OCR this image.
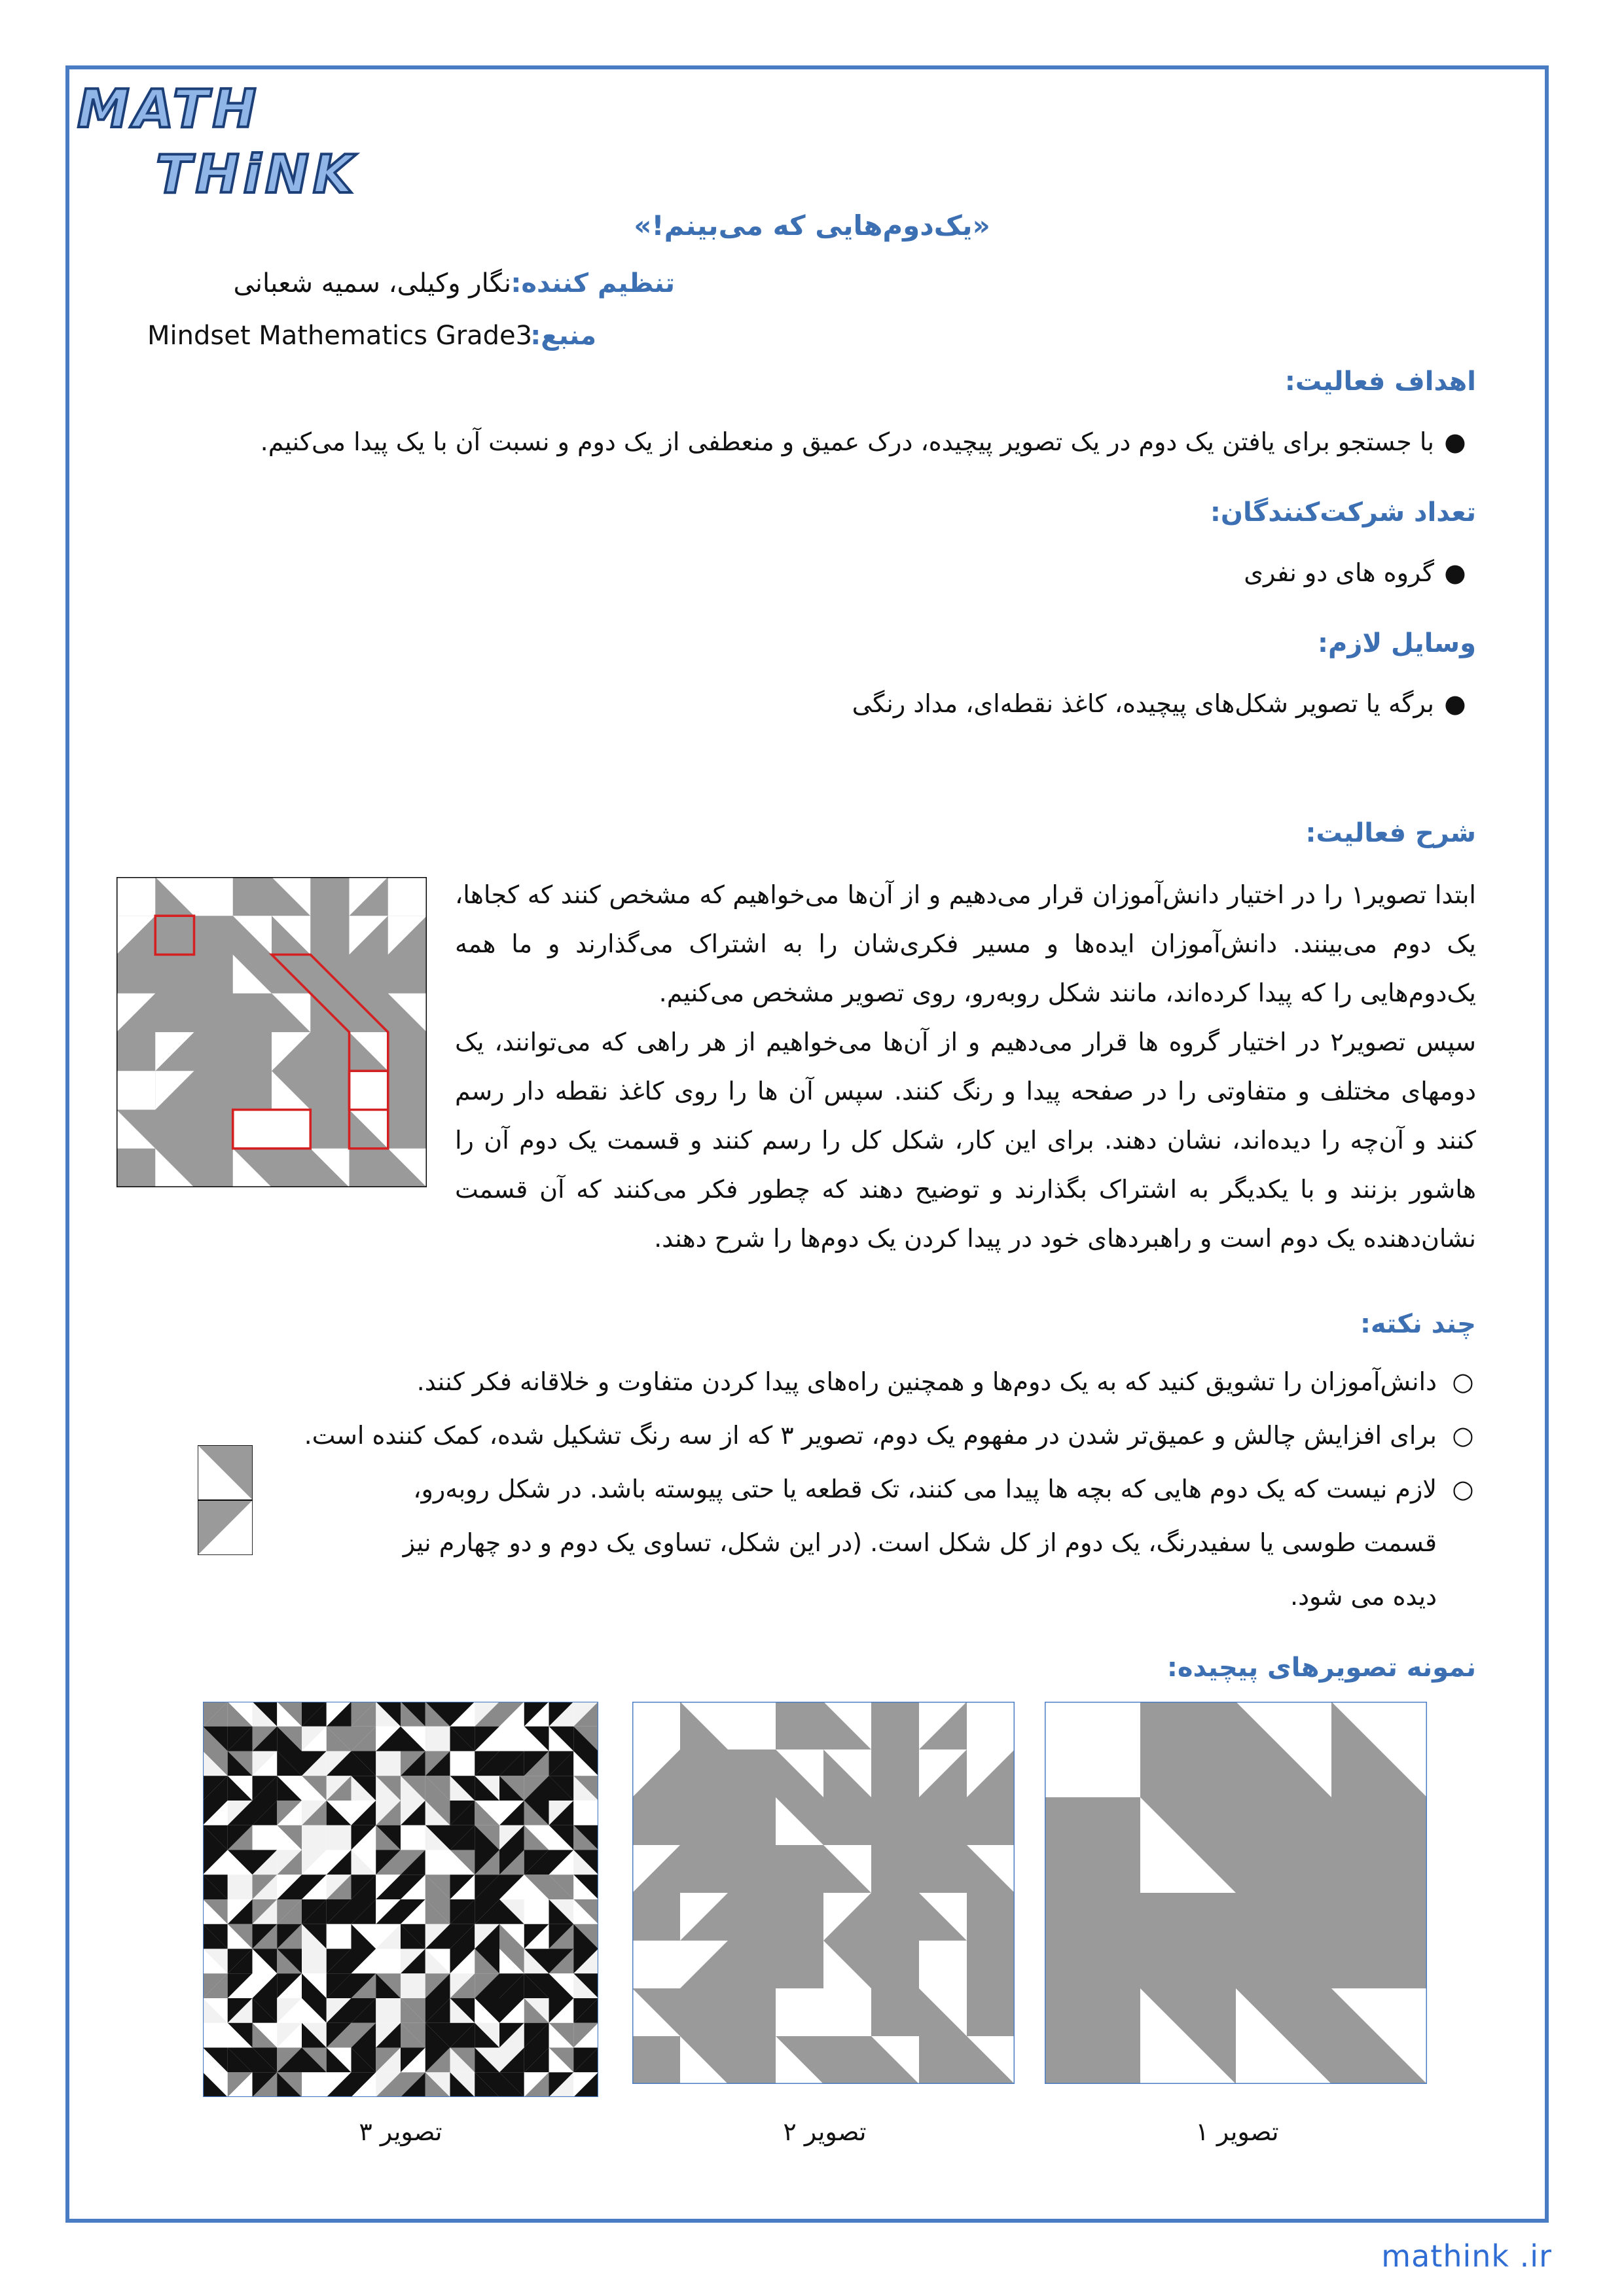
MATH
THiNK
«یک‌دوم‌هایی که می‌بینم!»
تنظیم کننده:
نگار وکیلی، سمیه شعبانی
منبع:
Mindset Mathematics Grade3
اهداف فعالیت:
●با جستجو برای یافتن یک دوم در یک تصویر پیچیده، درک عمیق و منعطفی از یک دوم و نسبت آن با یک پیدا می‌کنیم.
تعداد شرکت‌کنندگان:
●گروه های دو نفری
وسایل لازم:
●برگه یا تصویر شکل‌های پیچیده، کاغذ نقطه‌ای، مداد رنگی
شرح فعالیت:

ابتدا تصویر۱ را در اختیار دانش‌آموزان قرار می‌دهیم و از آن‌ها می‌خواهیم که مشخص کنند که کجاها، یک دوم می‌بینند. دانش‌آموزان ایده‌ها و مسیر فکری‌شان را به اشتراک می‌گذارند و ما همه یک‌دوم‌هایی را که پیدا کرده‌اند، مانند شکل روبه‌رو، روی تصویر مشخص می‌کنیم.

سپس تصویر۲ در اختیار گروه ها قرار می‌دهیم و از آن‌ها می‌خواهیم از هر راهی که می‌توانند، یک دومهای مختلف و متفاوتی را در صفحه پیدا و رنگ کنند. سپس آن ها را روی کاغذ نقطه دار رسم کنند و آن‌چه را دیده‌اند، نشان دهند. برای این کار، شکل کل را رسم کنند و قسمت یک دوم آن را هاشور بزنند و با یکدیگر به اشتراک بگذارند و توضیح دهند که چطور فکر می‌کنند که آن قسمت نشان‌دهنده یک دوم است و راهبردهای خود در پیدا کردن یک دوم‌ها را شرح دهند.

چند نکته:
○
دانش‌آموزان را تشویق کنید که به یک دوم‌ها و همچنین راه‌های پیدا کردن متفاوت و خلاقانه فکر کنند.
○
برای افزایش چالش و عمیق‌تر شدن در مفهوم یک دوم، تصویر ۳ که از سه رنگ تشکیل شده، کمک کننده است.
○
لازم نیست که یک دوم هایی که بچه ها پیدا می کنند، تک قطعه یا حتی پیوسته باشد. در شکل روبه‌رو، قسمت طوسی یا سفیدرنگ، یک دوم از کل شکل است. (در این شکل، تساوی یک دوم و دو چهارم نیز دیده می شود.
نمونه تصویرهای پیچیده:
تصویر ۱
تصویر ۲
تصویر ۳
mathink .ir
